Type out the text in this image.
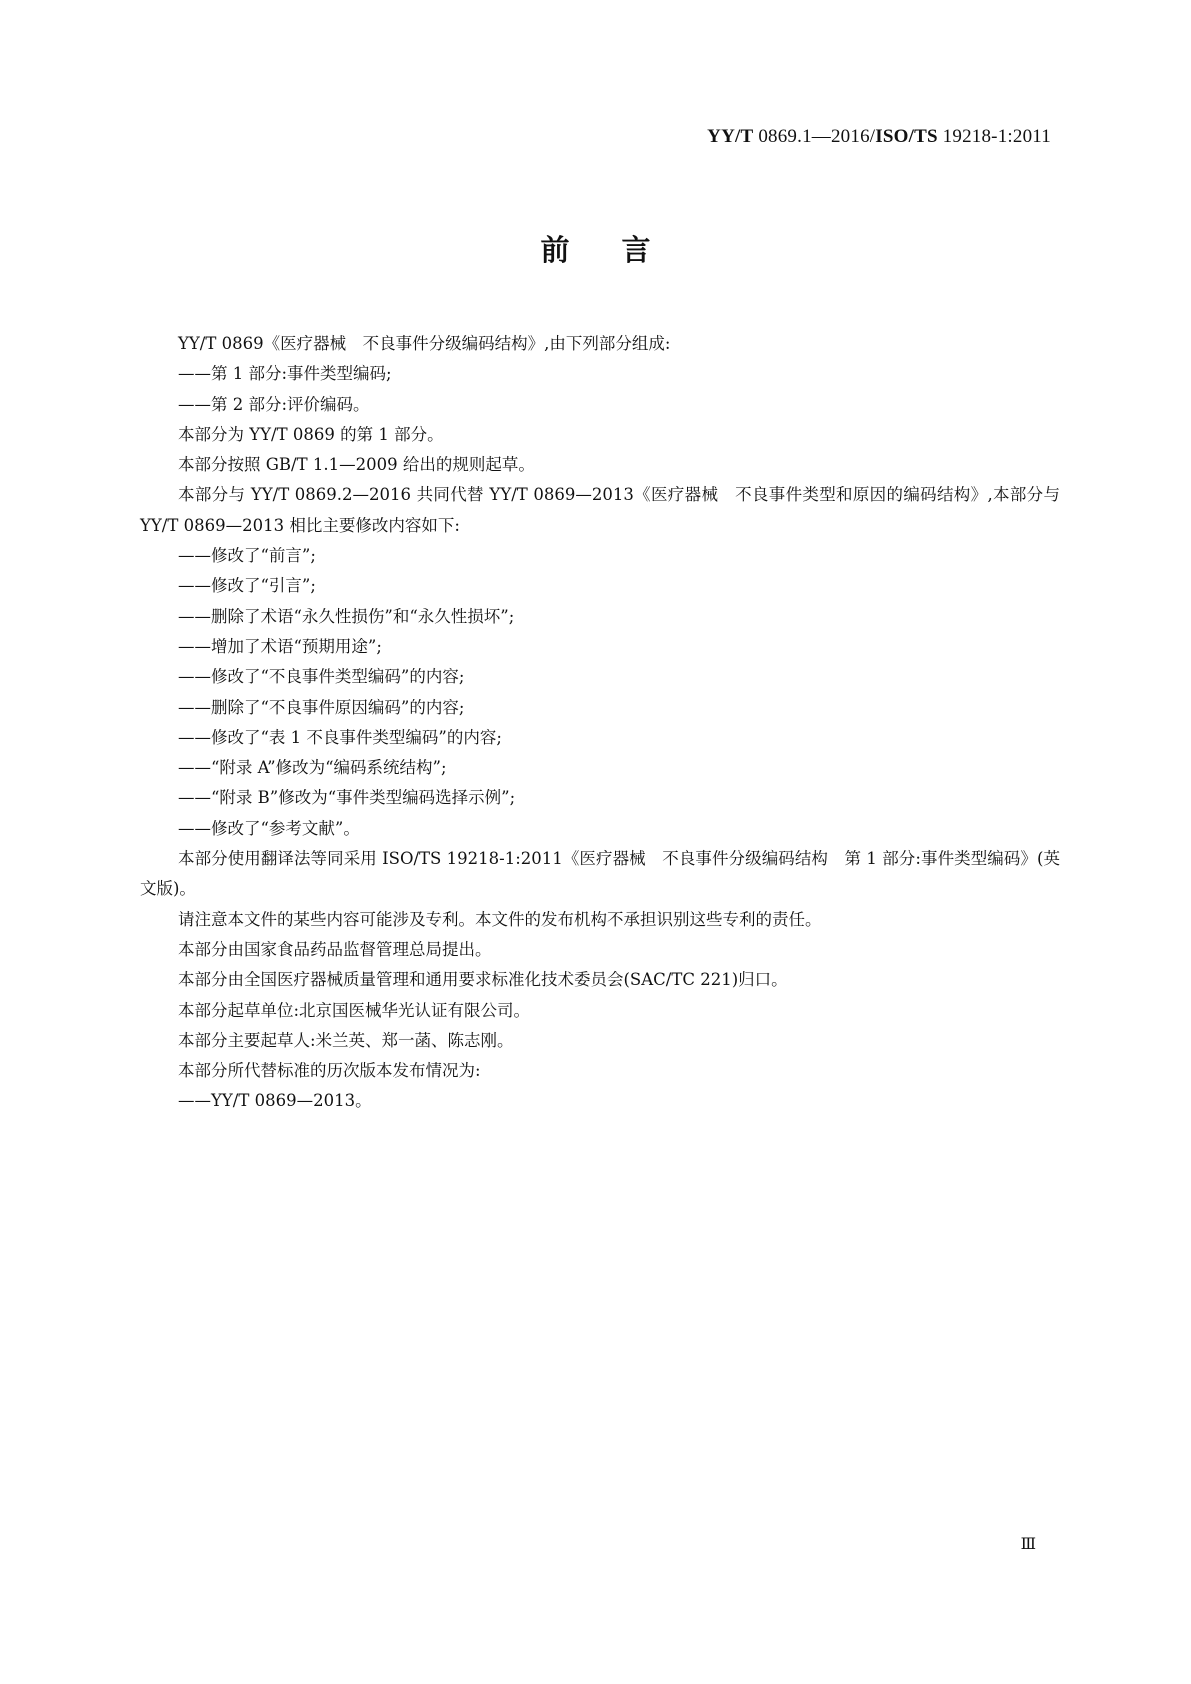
YY/T 0869.1—2016/ISO/TS 19218-1:2011
前言

YY/T 0869《医疗器械　不良事件分级编码结构》,由下列部分组成:

——第 1 部分:事件类型编码;

——第 2 部分:评价编码。

本部分为 YY/T 0869 的第 1 部分。

本部分按照 GB/T 1.1—2009 给出的规则起草。

本部分与 YY/T 0869.2—2016 共同代替 YY/T 0869—2013《医疗器械　不良事件类型和原因的编码结构》,本部分与 YY/T 0869—2013 相比主要修改内容如下:

——修改了“前言”;

——修改了“引言”;

——删除了术语“永久性损伤”和“永久性损坏”;

——增加了术语“预期用途”;

——修改了“不良事件类型编码”的内容;

——删除了“不良事件原因编码”的内容;

——修改了“表 1 不良事件类型编码”的内容;

——“附录 A”修改为“编码系统结构”;

——“附录 B”修改为“事件类型编码选择示例”;

——修改了“参考文献”。

本部分使用翻译法等同采用 ISO/TS 19218-1:2011《医疗器械　不良事件分级编码结构　第 1 部分:事件类型编码》(英文版)。

请注意本文件的某些内容可能涉及专利。本文件的发布机构不承担识别这些专利的责任。

本部分由国家食品药品监督管理总局提出。

本部分由全国医疗器械质量管理和通用要求标准化技术委员会(SAC/TC 221)归口。

本部分起草单位:北京国医械华光认证有限公司。

本部分主要起草人:米兰英、郑一菡、陈志刚。

本部分所代替标准的历次版本发布情况为:

——YY/T 0869—2013。

Ⅲ
